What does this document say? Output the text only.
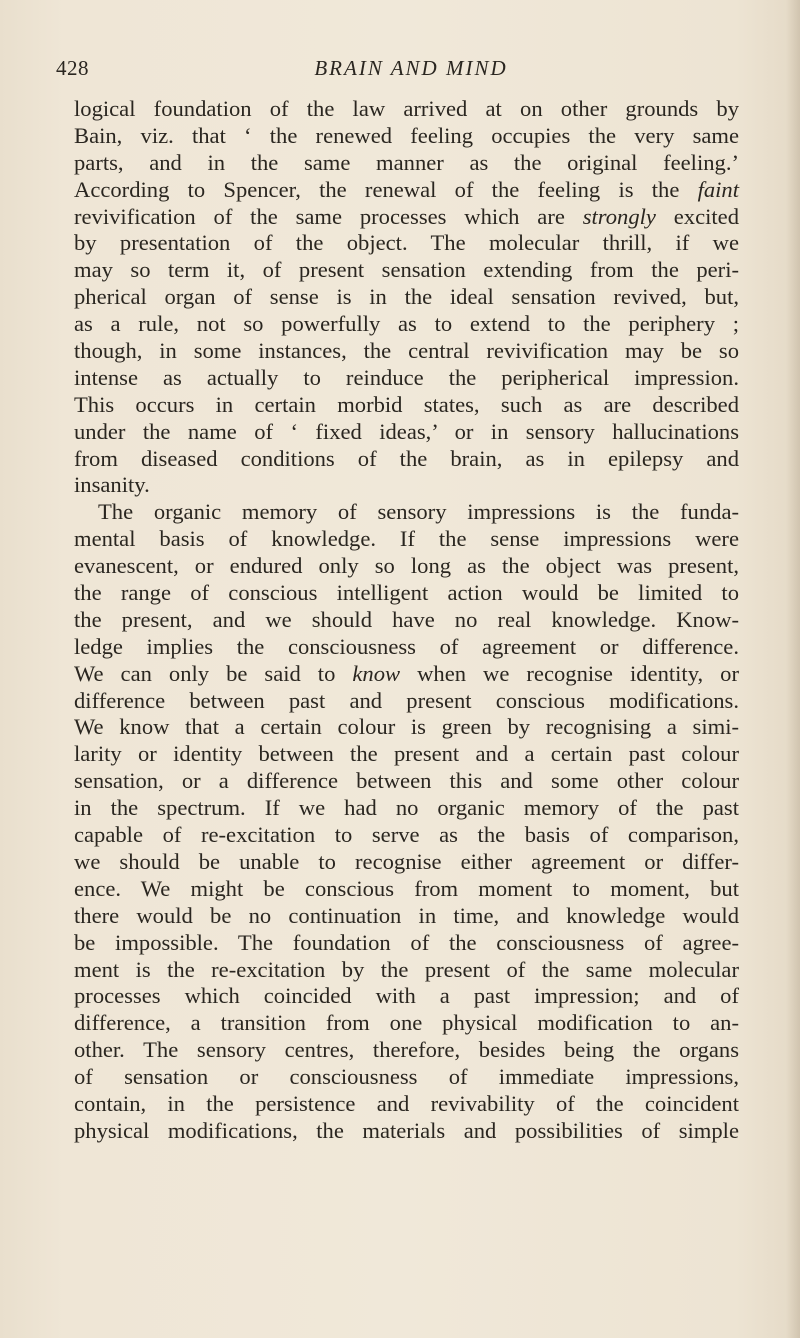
428	BRAIN AND MIND
logical foundation of the law arrived at on other grounds by
Bain, viz. that ‘ the renewed feeling occupies the very same
parts, and in the same manner as the original feeling.’
According to Spencer, the renewal of the feeling is the faint
revivification of the same processes which are strongly excited
by presentation of the object. The molecular thrill, if we
may so term it, of present sensation extending from the peri-
pherical organ of sense is in the ideal sensation revived, but,
as a rule, not so powerfully as to extend to the periphery ;
though, in some instances, the central revivification may be so
intense as actually to reinduce the peripherical impression.
This occurs in certain morbid states, such as are described
under the name of ‘ fixed ideas,’ or in sensory hallucinations
from diseased conditions of the brain, as in epilepsy and
insanity.
The organic memory of sensory impressions is the funda-
mental basis of knowledge. If the sense impressions were
evanescent, or endured only so long as the object was present,
the range of conscious intelligent action would be limited to
the present, and we should have no real knowledge. Know-
ledge implies the consciousness of agreement or difference.
We can only be said to know when we recognise identity, or
difference between past and present conscious modifications.
We know that a certain colour is green by recognising a simi-
larity or identity between the present and a certain past colour
sensation, or a difference between this and some other colour
in the spectrum. If we had no organic memory of the past
capable of re-excitation to serve as the basis of comparison,
we should be unable to recognise either agreement or differ-
ence. We might be conscious from moment to moment, but
there would be no continuation in time, and knowledge would
be impossible. The foundation of the consciousness of agree-
ment is the re-excitation by the present of the same molecular
processes which coincided with a past impression; and of
difference, a transition from one physical modification to an-
other. The sensory centres, therefore, besides being the organs
of sensation or consciousness of immediate impressions,
contain, in the persistence and revivability of the coincident
physical modifications, the materials and possibilities of simple
